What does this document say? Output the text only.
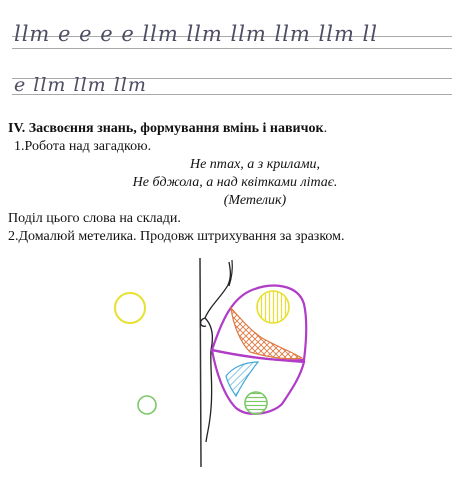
llт e e e e llт llт llт llт llт ll
e llт llт llт
IV. Засвоєння знань, формування вмінь і навичок.
1.Робота над загадкою.
Не птах, а з крилами,
Не бджола, а над квітками літає.
(Метелик)
Поділ цього слова на склади.
2.Домалюй метелика. Продовж штрихування за зразком.
